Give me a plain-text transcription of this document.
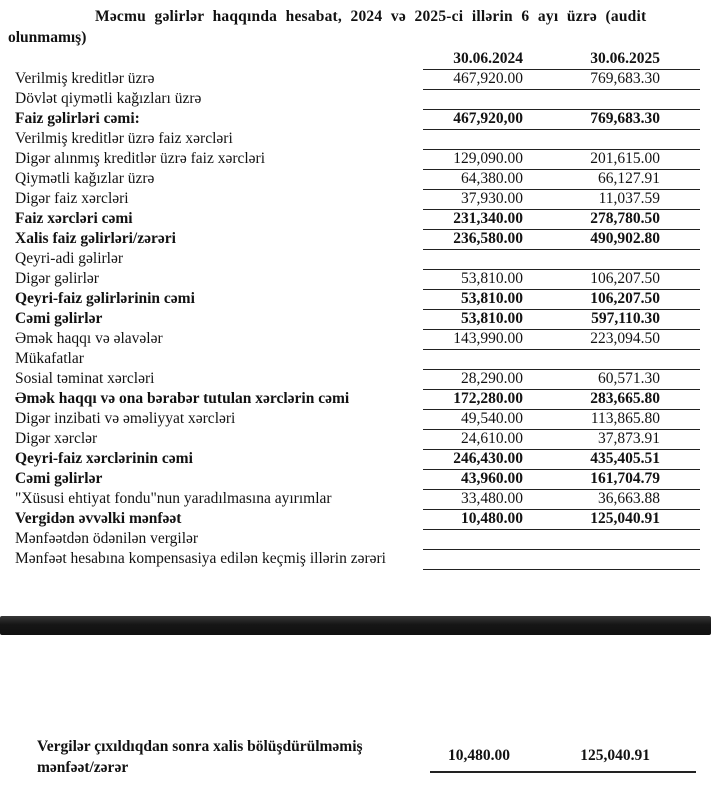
Məcmu gəlirlər haqqında hesabat, 2024 və 2025-ci illərin 6 ayı üzrə (audit
olunmamış)
30.06.2024	30.06.2025
Verilmiş kreditlər üzrə	467,920.00	769,683.30
Dövlət qiymətli kağızları üzrə
Faiz gəlirləri cəmi:	467,920,00	769,683.30
Verilmiş kreditlər üzrə faiz xərcləri
Digər alınmış kreditlər üzrə faiz xərcləri	129,090.00	201,615.00
Qiymətli kağızlar üzrə	64,380.00	66,127.91
Digər faiz xərcləri	37,930.00	11,037.59
Faiz xərcləri cəmi	231,340.00	278,780.50
Xalis faiz gəlirləri/zərəri	236,580.00	490,902.80
Qeyri-adi gəlirlər
Digər gəlirlər	53,810.00	106,207.50
Qeyri-faiz gəlirlərinin cəmi	53,810.00	106,207.50
Cəmi gəlirlər	53,810.00	597,110.30
Əmək haqqı və əlavələr	143,990.00	223,094.50
Mükafatlar
Sosial təminat xərcləri	28,290.00	60,571.30
Əmək haqqı və ona bərabər tutulan xərclərin cəmi	172,280.00	283,665.80
Digər inzibati və əməliyyat xərcləri	49,540.00	113,865.80
Digər xərclər	24,610.00	37,873.91
Qeyri-faiz xərclərinin cəmi	246,430.00	435,405.51
Cəmi gəlirlər	43,960.00	161,704.79
"Xüsusi ehtiyat fondu"nun yaradılmasına ayırımlar	33,480.00	36,663.88
Vergidən əvvəlki mənfəət	10,480.00	125,040.91
Mənfəətdən ödənilən vergilər
Mənfəət hesabına kompensasiya edilən keçmiş illərin zərəri
Vergilər çıxıldıqdan sonra xalis bölüşdürülməmiş mənfəət/zərər
10,480.00	125,040.91
